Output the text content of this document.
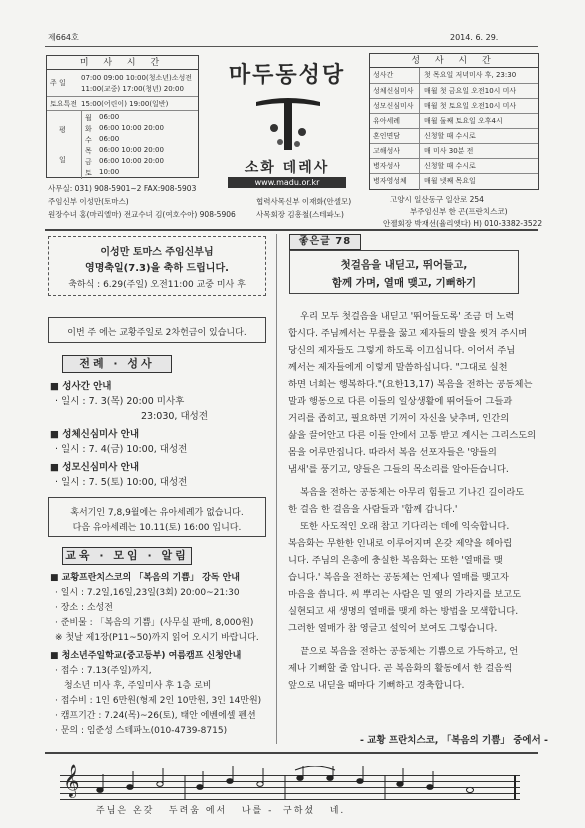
제664호	2014. 6. 29.
미 사 시 간
주 일
07:00 09:00 10:00(청소년)소성전
11:00(교중) 17:00(청년) 20:00
토요특전 15:00(어린이) 19:00(일반)
평
일
월 06:00
화 06:00 10:00 20:00
수 06:00
목 06:00 10:00 20:00
금 06:00 10:00 20:00
토 10:00
마두동성당
소화 데레사
www.madu.or.kr
성 사 시 간
성사간	첫 목요일 저녁미사 후, 23:30
성체신심미사 매월 첫 금요일 오전10시 미사
성모신심미사 매월 첫 토요일 오전10시 미사
유아세례	매월 둘째 토요일 오후4시
혼인면담	신청할 때 수시로
고해성사	매 미사 30분 전
병자성사	신청할 때 수시로
병자영성체 매월 넷째 목요일
사무실: 031) 908-5901~2 FAX:908-5903
고양시 일산동구 일산로 254
주임신부 이성만(토마스)	협력사목신부 이재화(안셀모)
부주임신부 한 곤(프란치스코)
원장수녀 홍(마리엘마) 전교수녀 김(여호수아) 908-5906	사목회장 김흥철(스테파노)
안젤회장 박재선(율리엣다) H) 010-3382-3522
이성만 토마스 주임신부님
영명축일(7.3)을 축하 드립니다.
축하식 : 6.29(주일) 오전11:00 교중 미사 후
이번 주 에는 교황주일로 2차헌금이 있습니다.
전례 · 성사
■ 성사간 안내
· 일시 : 7. 3(목) 20:00 미사후
23:030, 대성전
■ 성체신심미사 안내
· 일시 : 7. 4(금) 10:00, 대성전
■ 성모신심미사 안내
· 일시 : 7. 5(토) 10:00, 대성전
혹서기인 7,8,9월에는 유아세례가 없습니다.
다음 유아세례는 10.11(토) 16:00 입니다.
교육 · 모임 · 알림
■ 교황프란치스코의 「복음의 기쁨」 강독 안내
· 일시 : 7.2일,16일,23일(3회) 20:00~21:30
· 장소 : 소성전
· 준비물 : 「복음의 기쁨」(사무실 판매, 8,000원)
※ 첫날 제1장(P11~50)까지 읽어 오시기 바랍니다.
■ 청소년주일학교(중고등부) 여름캠프 신청안내
· 접수 : 7.13(주일)까지,
청소년 미사 후, 주일미사 후 1층 로비
· 접수비 : 1인 6만원(형제 2인 10만원, 3인 14만원)
· 캠프기간 : 7.24(목)~26(토), 태안 에벤에셀 펜션
· 문의 : 임준성 스테파노(010-4739-8715)
좋은글 78
첫걸음을 내딛고, 뛰어들고,
함께 가며, 열매 맺고, 기뻐하기

우리 모두 첫걸음을 내딛고 '뛰어들도록' 조금 더 노력

합시다. 주님께서는 무릎을 꿇고 제자들의 발을 씻겨 주시며

당신의 제자들도 그렇게 하도록 이끄십니다. 이어서 주님

께서는 제자들에게 이렇게 말씀하십니다. "그대로 실천

하면 너희는 행복하다."(요한13,17) 복음을 전하는 공동체는

말과 행동으로 다른 이들의 일상생활에 뛰어들어 그들과

거리를 좁히고, 필요하면 기꺼이 자신을 낮추며, 인간의

삶을 끌어안고 다른 이들 안에서 고통 받고 계시는 그리스도의

몸을 어루만집니다. 따라서 복음 선포자들은 '양들의

냄새'를 풍기고, 양들은 그들의 목소리를 알아듣습니다.

복음을 전하는 공동체는 아무리 힘들고 기나긴 길이라도

한 걸음 한 걸음을 사람들과 '함께 갑니다.'

또한 사도적인 오래 참고 기다리는 데에 익숙합니다.

복음화는 무한한 인내로 이루어지며 온갖 제약을 헤아립

니다. 주님의 은총에 충실한 복음화는 또한 '열매를 맺

습니다.' 복음을 전하는 공동체는 언제나 열매를 맺고자

마음을 씁니다. 씨 뿌리는 사람은 밀 옆의 가라지를 보고도

실현되고 새 생명의 열매를 맺게 하는 방법을 모색합니다.

그러한 열매가 참 영글고 설익어 보여도 그렇습니다.

끝으로 복음을 전하는 공동체는 기쁨으로 가득하고, 언

제나 기뻐할 줄 압니다. 곧 복음화의 활동에서 한 걸음씩

앞으로 내딛을 때마다 기뻐하고 경축합니다.

- 교황 프란치스코, 「복음의 기쁨」 중에서 -
𝄞
주님은 온갖   두려움 에서   나를 -  구하셨   네.
